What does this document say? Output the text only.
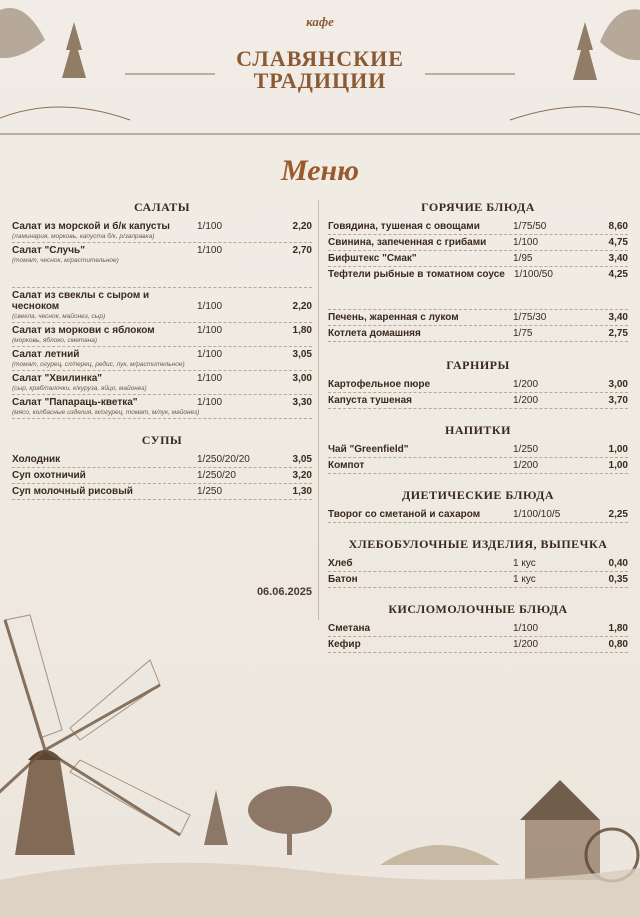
кафе
СЛАВЯНСКИЕ
ТРАДИЦИИ
Меню
САЛАТЫ
Салат из морской и б/к капусты	1/100	2,20
(ламинария, морковь, капуста б/к, р/заправка)
Салат "Случь"	1/100	2,70
(томат, чеснок, м/растительное)
Салат из свеклы с сыром и чесноком	1/100	2,20
(свекла, чеснок, майонез, сыр)
Салат из моркови с яблоком	1/100	1,80
(морковь, яблоко, сметана)
Салат летний	1/100	3,05
(томат, огурец, сл/перец, редис, лук, м/растительное)
Салат "Хвилинка"	1/100	3,00
(сыр, краб/палочки, к/куруза, яйцо, майонез)
Салат "Папараць-кветка"	1/100	3,30
(мясо, колбасные изделия, м/огурец, томат, м/лук, майонез)
СУПЫ
Холодник	1/250/20/20	3,05
Суп охотничий	1/250/20	3,20
Суп молочный рисовый	1/250	1,30
06.06.2025
ГОРЯЧИЕ БЛЮДА
Говядина, тушеная с овощами	1/75/50	8,60
Свинина, запеченная с грибами	1/100	4,75
Бифштекс "Смак"	1/95	3,40
Тефтели рыбные в томатном соусе 1/100/50	4,25
Печень, жаренная с луком	1/75/30	3,40
Котлета домашняя	1/75	2,75
ГАРНИРЫ
Картофельное пюре	1/200	3,00
Капуста тушеная	1/200	3,70
НАПИТКИ
Чай "Greenfield"	1/250	1,00
Компот	1/200	1,00
ДИЕТИЧЕСКИЕ БЛЮДА
Творог со сметаной и сахаром	1/100/10/5	2,25
ХЛЕБОБУЛОЧНЫЕ ИЗДЕЛИЯ, ВЫПЕЧКА
Хлеб	1 кус	0,40
Батон	1 кус	0,35
КИСЛОМОЛОЧНЫЕ БЛЮДА
Сметана	1/100	1,80
Кефир	1/200	0,80
